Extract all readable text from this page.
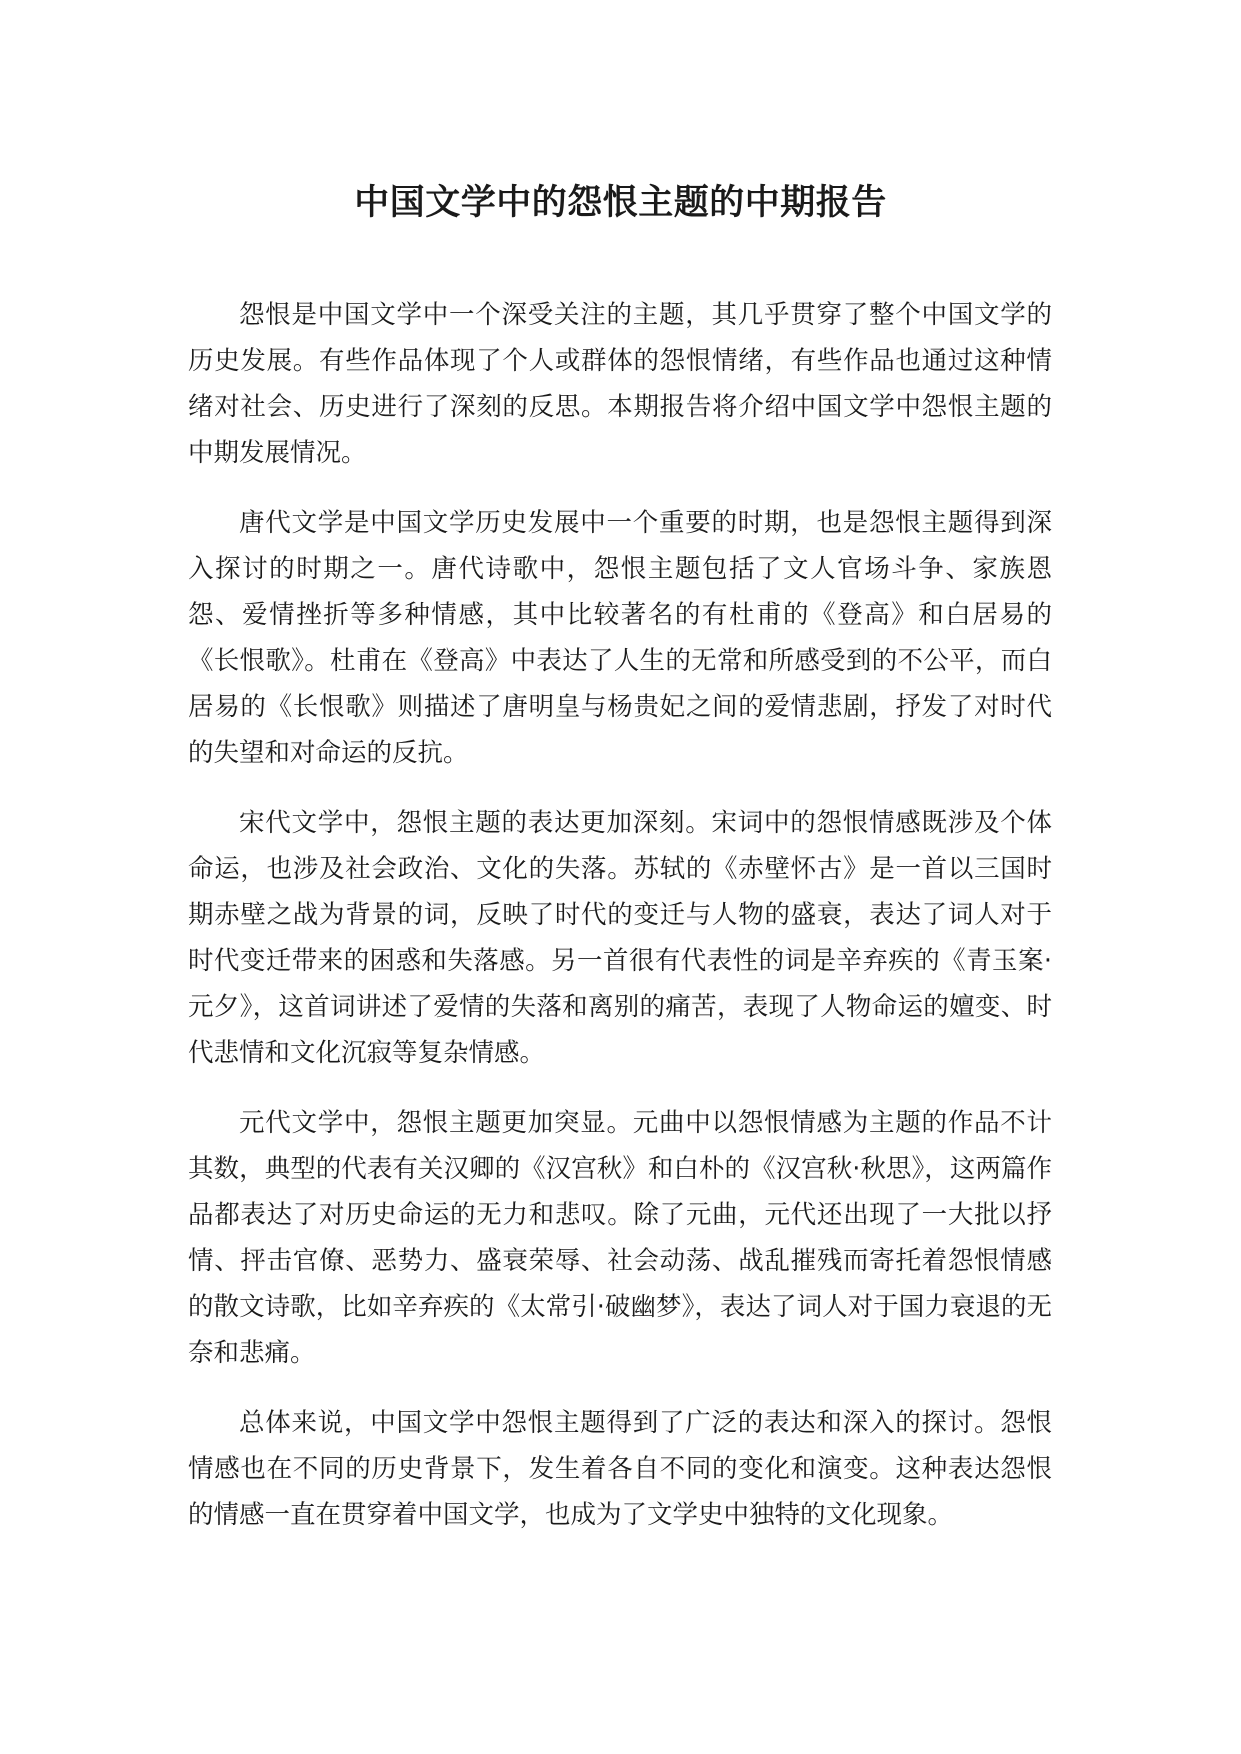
中国文学中的怨恨主题的中期报告

怨恨是中国文学中一个深受关注的主题，其几乎贯穿了整个中国文学的历史发展。有些作品体现了个人或群体的怨恨情绪，有些作品也通过这种情绪对社会、历史进行了深刻的反思。本期报告将介绍中国文学中怨恨主题的中期发展情况。

唐代文学是中国文学历史发展中一个重要的时期，也是怨恨主题得到深入探讨的时期之一。唐代诗歌中，怨恨主题包括了文人官场斗争、家族恩怨、爱情挫折等多种情感，其中比较著名的有杜甫的《登高》和白居易的《长恨歌》。杜甫在《登高》中表达了人生的无常和所感受到的不公平，而白居易的《长恨歌》则描述了唐明皇与杨贵妃之间的爱情悲剧，抒发了对时代的失望和对命运的反抗。

宋代文学中，怨恨主题的表达更加深刻。宋词中的怨恨情感既涉及个体命运，也涉及社会政治、文化的失落。苏轼的《赤壁怀古》是一首以三国时期赤壁之战为背景的词，反映了时代的变迁与人物的盛衰，表达了词人对于时代变迁带来的困惑和失落感。另一首很有代表性的词是辛弃疾的《青玉案·元夕》，这首词讲述了爱情的失落和离别的痛苦，表现了人物命运的嬗变、时代悲情和文化沉寂等复杂情感。

元代文学中，怨恨主题更加突显。元曲中以怨恨情感为主题的作品不计其数，典型的代表有关汉卿的《汉宫秋》和白朴的《汉宫秋·秋思》，这两篇作品都表达了对历史命运的无力和悲叹。除了元曲，元代还出现了一大批以抒情、抨击官僚、恶势力、盛衰荣辱、社会动荡、战乱摧残而寄托着怨恨情感的散文诗歌，比如辛弃疾的《太常引·破幽梦》，表达了词人对于国力衰退的无奈和悲痛。

总体来说，中国文学中怨恨主题得到了广泛的表达和深入的探讨。怨恨情感也在不同的历史背景下，发生着各自不同的变化和演变。这种表达怨恨的情感一直在贯穿着中国文学，也成为了文学史中独特的文化现象。
